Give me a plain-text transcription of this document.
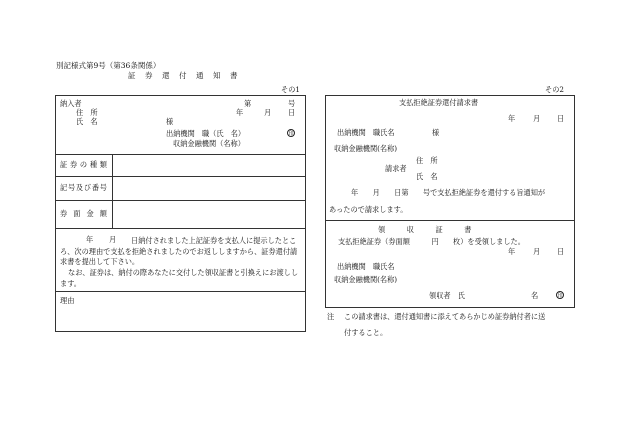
別記様式第9号（第36条関係）
証　券　還　付　通　知　書
その1
納入者	第	号
住　所	年	月 日
氏　名	様
出納機関　職（氏　名）	印
収納金融機関（名称）
証券の種類
記号及び番号
券面金額
年 月	日納付されました上記証券を支払人に提示したところ、次の理由で支払を拒絶されましたのでお返ししますから、証券還付請求書を提出して下さい。
なお、証券は、納付の際あなたに交付した領収証書と引換えにお渡しします。
理由
その2
支払拒絶証券還付請求書
年 月 日
出納機関　職氏名	様
収納金融機関(名称)
住　所
請求者
氏　名
年　　月　　日第　　号で支払拒絶証券を還付する旨通知が
あったので請求します。
領　　　収　　　証　　　書
支払拒絶証券（券面額　　　円　　枚）を受領しました。
年 月 日
出納機関　職氏名
収納金融機関(名称)
領収者　氏	名	印
注 この請求書は、還付通知書に添えてあらかじめ証券納付者に送
付すること。
